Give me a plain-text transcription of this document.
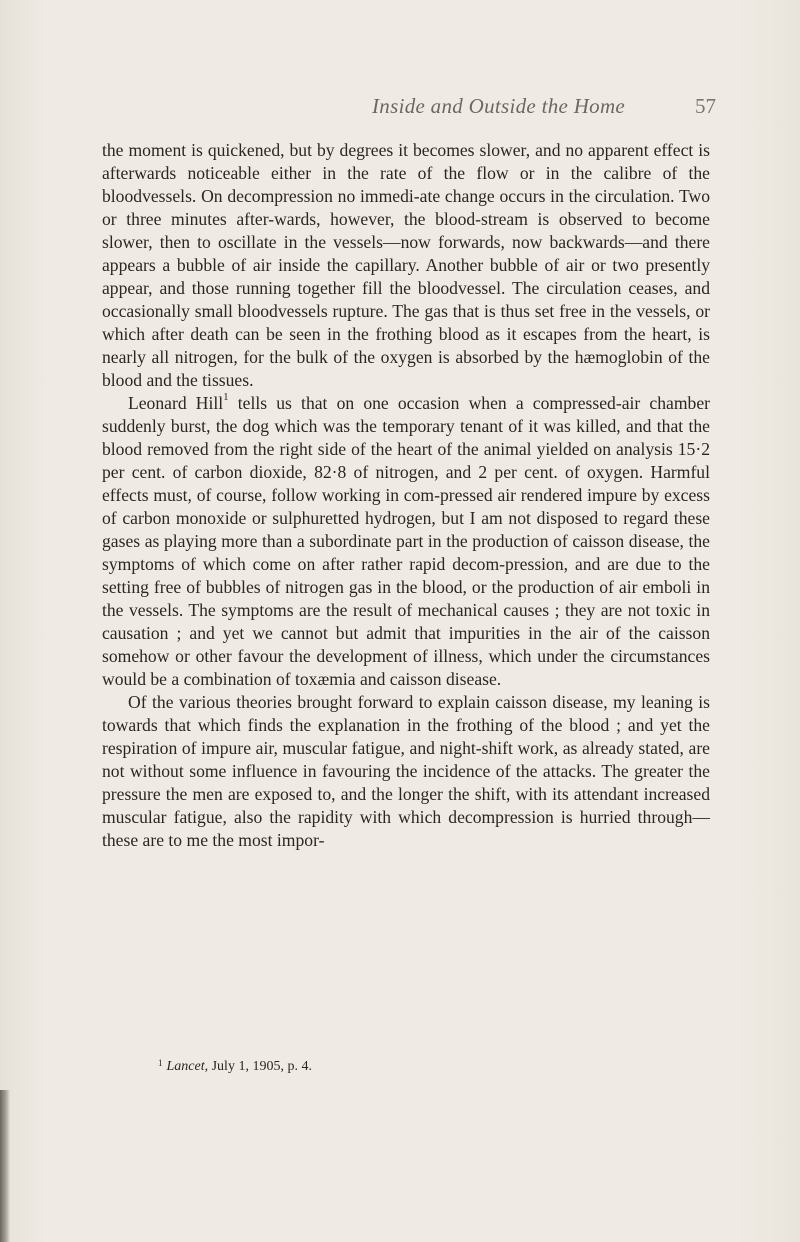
Inside and Outside the Home	57

the moment is quickened, but by degrees it becomes slower, and no apparent effect is afterwards noticeable either in the rate of the flow or in the calibre of the bloodvessels. On decompression no immedi-ate change occurs in the circulation. Two or three minutes after-wards, however, the blood-stream is observed to become slower, then to oscillate in the vessels—now forwards, now backwards—and there appears a bubble of air inside the capillary. Another bubble of air or two presently appear, and those running together fill the bloodvessel. The circulation ceases, and occasionally small bloodvessels rupture. The gas that is thus set free in the vessels, or which after death can be seen in the frothing blood as it escapes from the heart, is nearly all nitrogen, for the bulk of the oxygen is absorbed by the hæmoglobin of the blood and the tissues.

Leonard Hill$^1$ tells us that on one occasion when a compressed-air chamber suddenly burst, the dog which was the temporary tenant of it was killed, and that the blood removed from the right side of the heart of the animal yielded on analysis 15·2 per cent. of carbon dioxide, 82·8 of nitrogen, and 2 per cent. of oxygen. Harmful effects must, of course, follow working in com-pressed air rendered impure by excess of carbon monoxide or sulphuretted hydrogen, but I am not disposed to regard these gases as playing more than a subordinate part in the production of caisson disease, the symptoms of which come on after rather rapid decom-pression, and are due to the setting free of bubbles of nitrogen gas in the blood, or the production of air emboli in the vessels. The symptoms are the result of mechanical causes ; they are not toxic in causation ; and yet we cannot but admit that impurities in the air of the caisson somehow or other favour the development of illness, which under the circumstances would be a combination of toxæmia and caisson disease.

Of the various theories brought forward to explain caisson disease, my leaning is towards that which finds the explanation in the frothing of the blood ; and yet the respiration of impure air, muscular fatigue, and night-shift work, as already stated, are not without some influence in favouring the incidence of the attacks. The greater the pressure the men are exposed to, and the longer the shift, with its attendant increased muscular fatigue, also the rapidity with which decompression is hurried through—these are to me the most impor-

$^1$ Lancet, July 1, 1905, p. 4.
